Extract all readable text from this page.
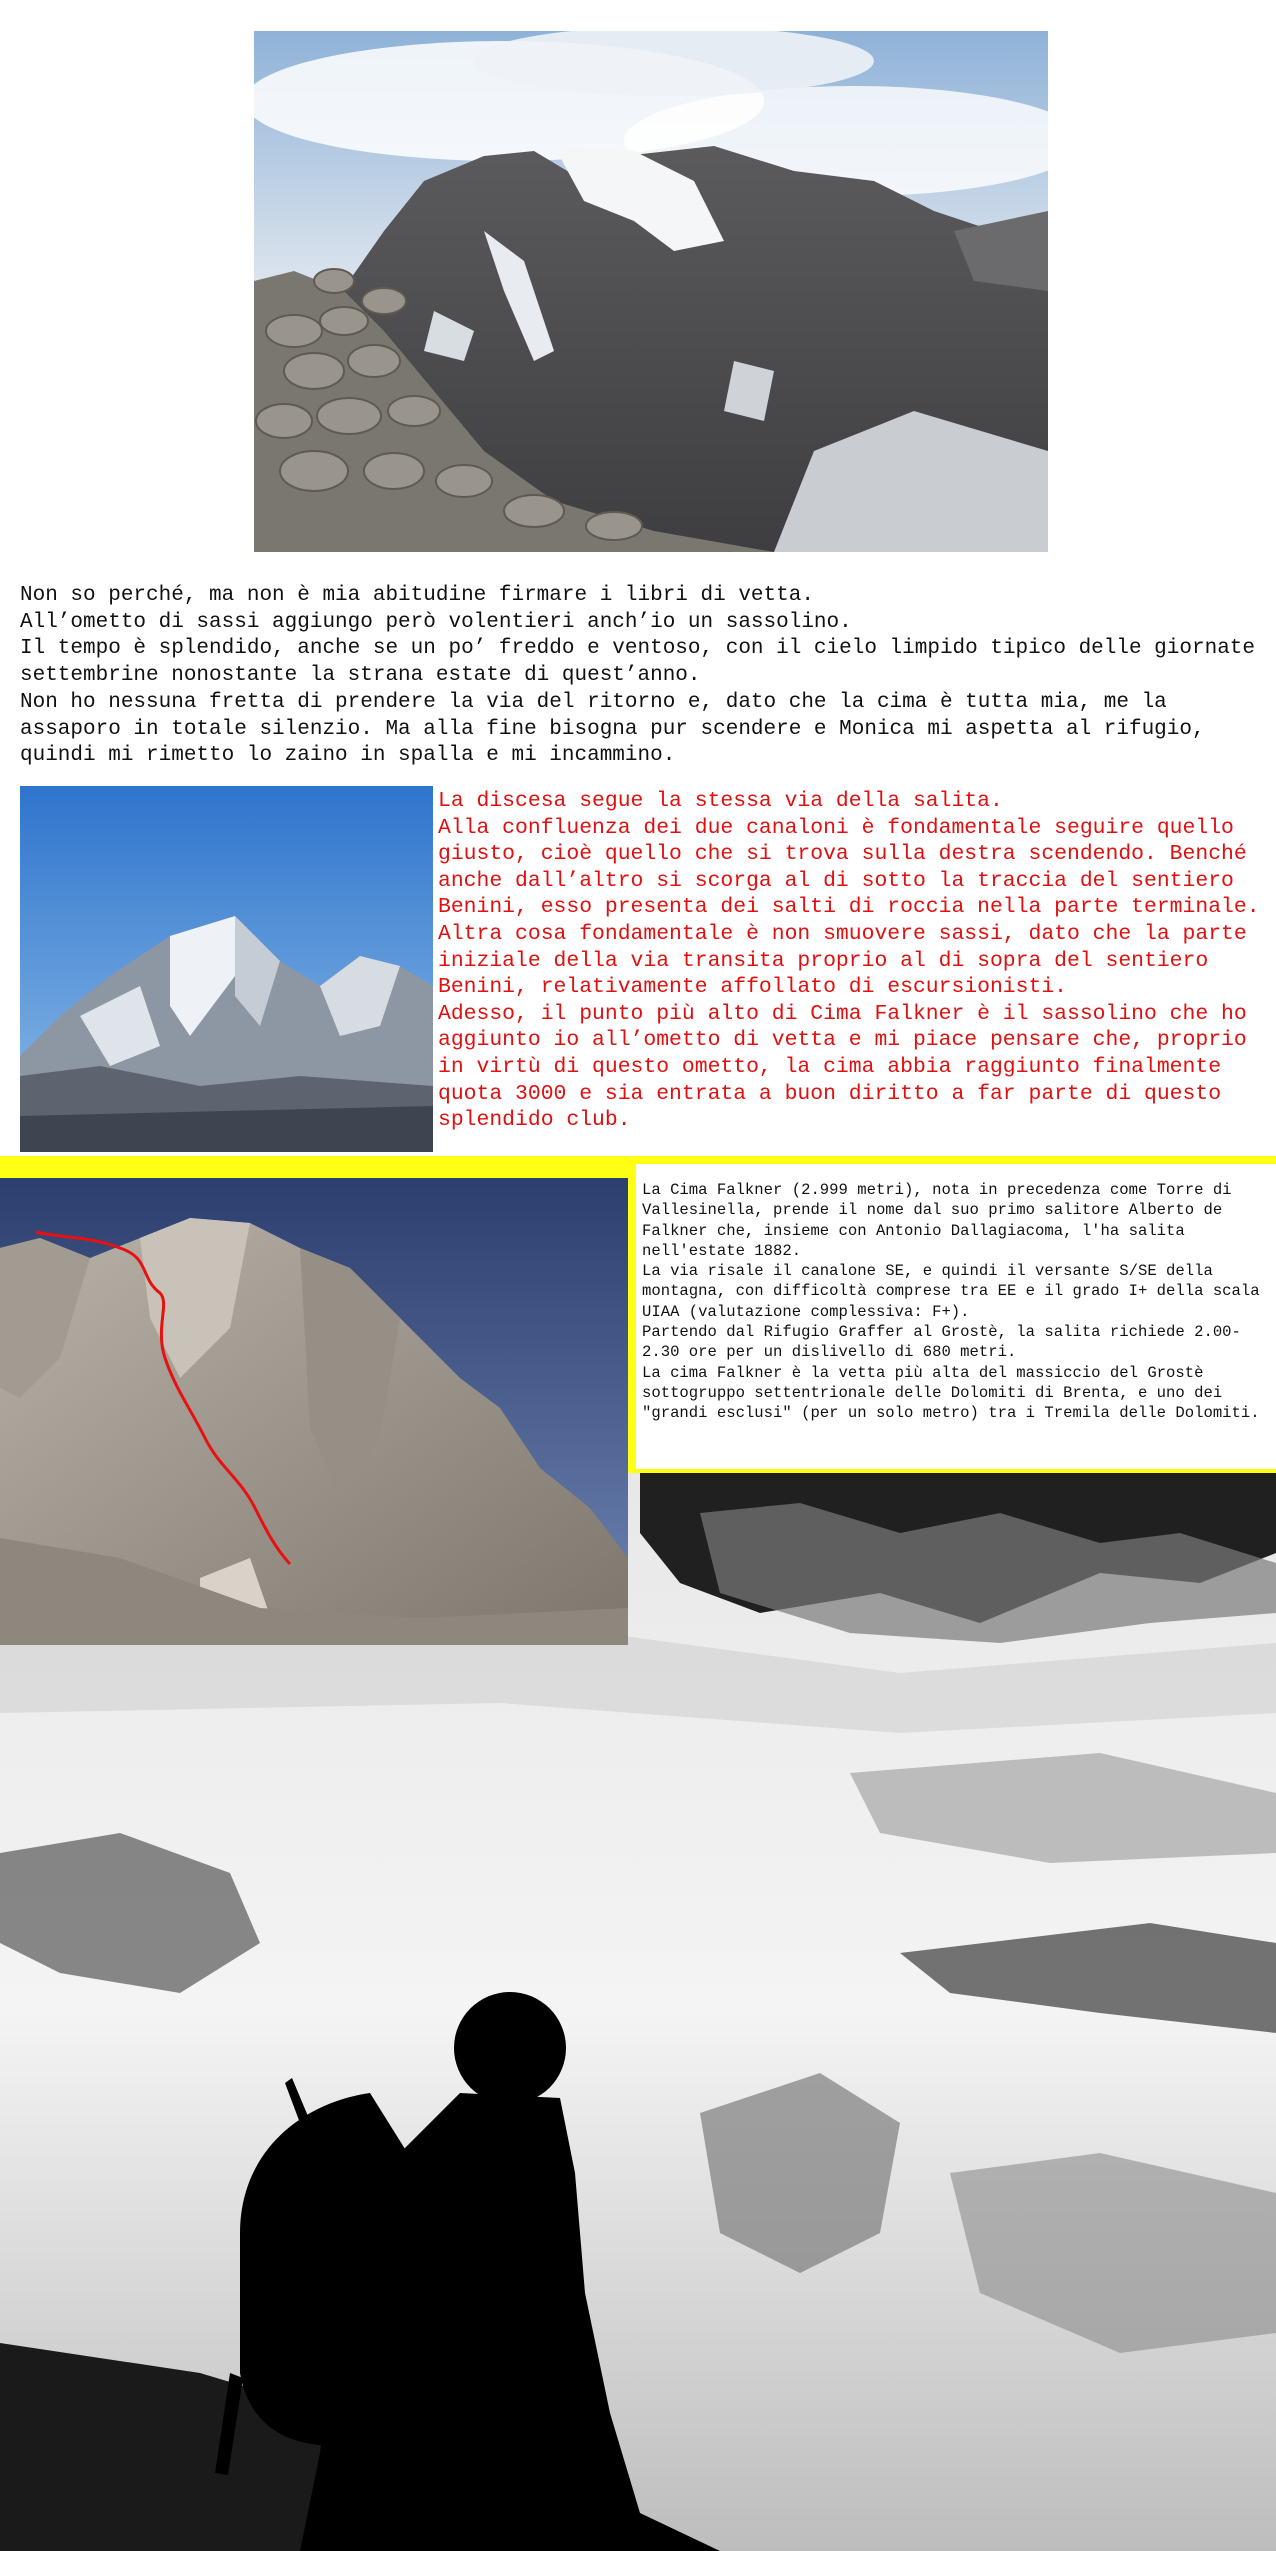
Non so perché, ma non è mia abitudine firmare i libri di vetta.

All’ometto di sassi aggiungo però volentieri anch’io un sassolino.

Il tempo è splendido, anche se un po’ freddo e ventoso, con il cielo limpido tipico delle giornate settembrine nonostante la strana estate di quest’anno.

Non ho nessuna fretta di prendere la via del ritorno e, dato che la cima è tutta mia, me la assaporo in totale silenzio. Ma alla fine bisogna pur scendere e Monica mi aspetta al rifugio, quindi mi rimetto lo zaino in spalla e mi incammino.

La discesa segue la stessa via della salita.

Alla confluenza dei due canaloni è fondamentale seguire quello giusto, cioè quello che si trova sulla destra scendendo. Benché anche dall’altro si scorga al di sotto la traccia del sentiero Benini, esso presenta dei salti di roccia nella parte terminale.

Altra cosa fondamentale è non smuovere sassi, dato che la parte iniziale della via transita proprio al di sopra del sentiero Benini, relativamente affollato di escursionisti.

Adesso, il punto più alto di Cima Falkner è il sassolino che ho aggiunto io all’ometto di vetta e mi piace pensare che, proprio in virtù di questo ometto, la cima abbia raggiunto finalmente quota 3000 e sia entrata a buon diritto a far parte di questo splendido club.

La Cima Falkner (2.999 metri), nota in precedenza come Torre di Vallesinella, prende il nome dal suo primo salitore Alberto de Falkner che, insieme con Antonio Dallagiacoma, l'ha salita nell'estate 1882.

La via risale il canalone SE, e quindi il versante S/SE della montagna, con difficoltà comprese tra EE e il grado I+ della scala UIAA (valutazione complessiva: F+).

Partendo dal Rifugio Graffer al Grostè, la salita richiede 2.00-2.30 ore per un dislivello di 680 metri.

La cima Falkner è la vetta più alta del massiccio del Grostè sottogruppo settentrionale delle Dolomiti di Brenta, e uno dei "grandi esclusi" (per un solo metro) tra i Tremila delle Dolomiti.
